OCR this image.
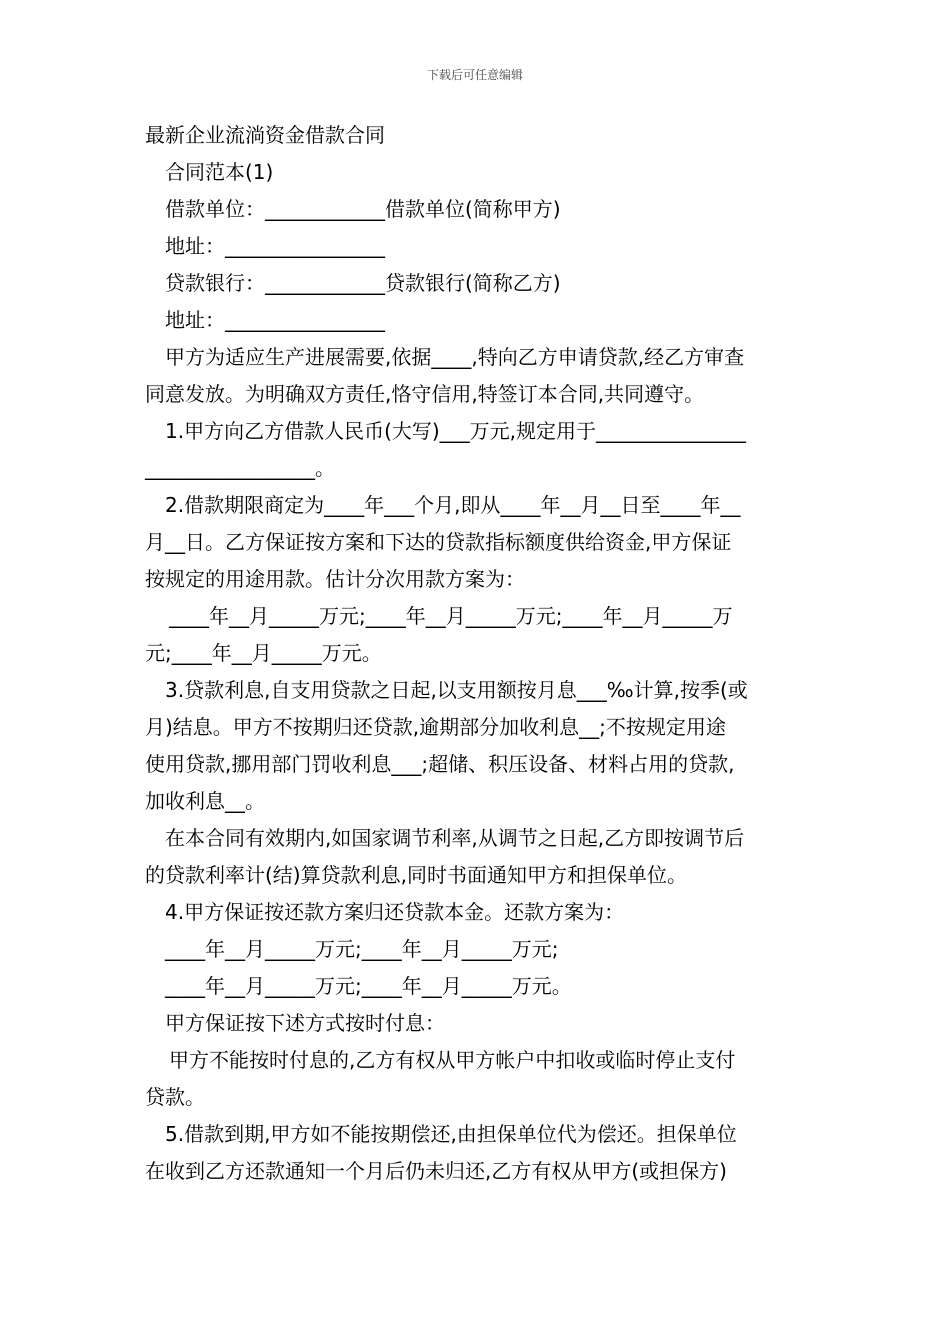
下载后可任意编辑
最新企业流淌资金借款合同
合同范本(1)
借款单位：____________借款单位(简称甲方)
地址：________________
贷款银行：____________贷款银行(简称乙方)
地址：________________
甲方为适应生产进展需要,依据____,特向乙方申请贷款,经乙方审查
同意发放。为明确双方责任,恪守信用,特签订本合同,共同遵守。
1.甲方向乙方借款人民币(大写)___万元,规定用于_______________
_________________。
2.借款期限商定为____年___个月,即从____年__月__日至____年__
月__日。乙方保证按方案和下达的贷款指标额度供给资金,甲方保证
按规定的用途用款。估计分次用款方案为：
____年__月_____万元;____年__月_____万元;____年__月_____万
元;____年__月_____万元。
3.贷款利息,自支用贷款之日起,以支用额按月息___‰计算,按季(或
月)结息。甲方不按期归还贷款,逾期部分加收利息__;不按规定用途
使用贷款,挪用部门罚收利息___;超储、积压设备、材料占用的贷款,
加收利息__。
在本合同有效期内,如国家调节利率,从调节之日起,乙方即按调节后
的贷款利率计(结)算贷款利息,同时书面通知甲方和担保单位。
4.甲方保证按还款方案归还贷款本金。还款方案为：
____年__月_____万元;____年__月_____万元;
____年__月_____万元;____年__月_____万元。
甲方保证按下述方式按时付息：
甲方不能按时付息的,乙方有权从甲方帐户中扣收或临时停止支付
贷款。
5.借款到期,甲方如不能按期偿还,由担保单位代为偿还。担保单位
在收到乙方还款通知一个月后仍未归还,乙方有权从甲方(或担保方)
